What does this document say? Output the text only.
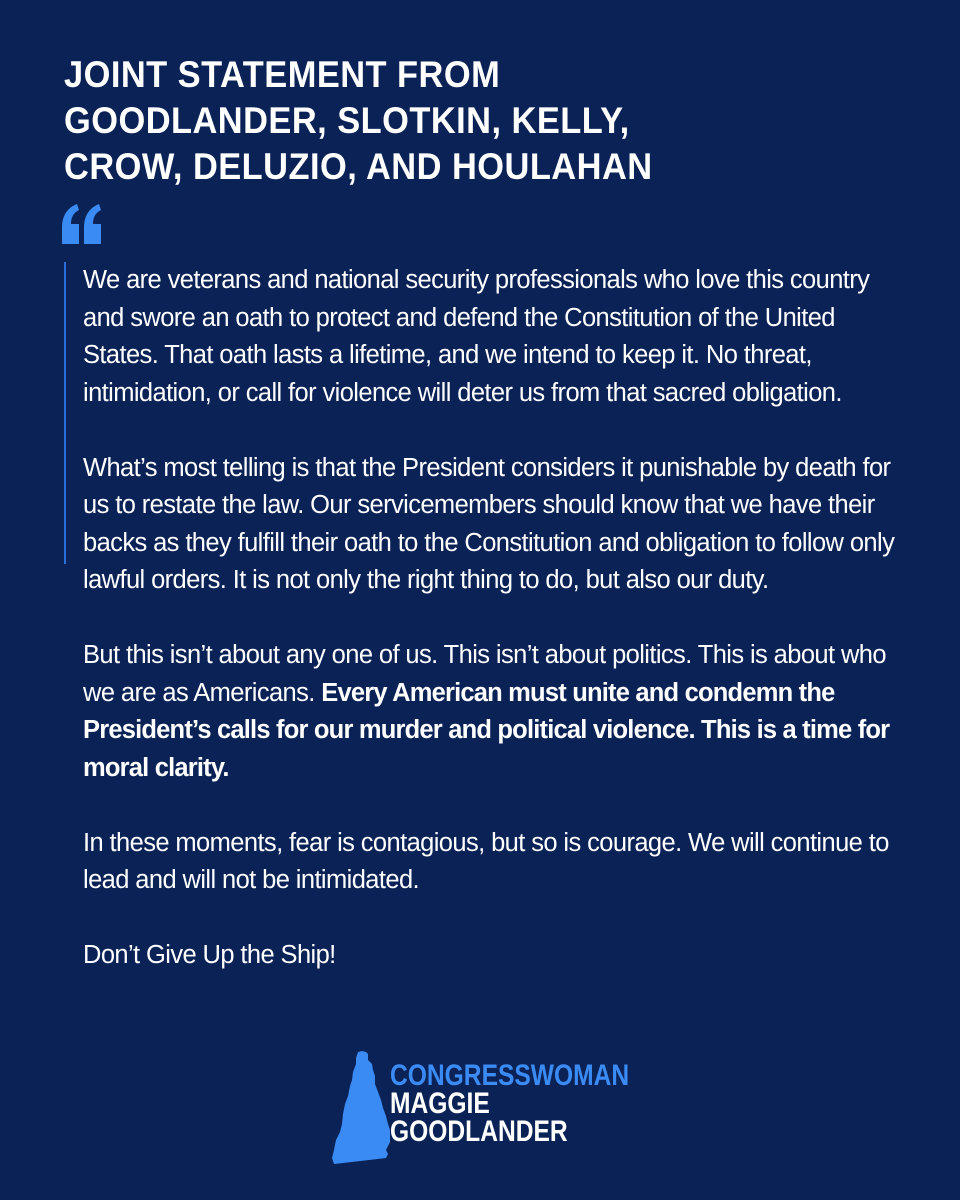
JOINT STATEMENT FROM
GOODLANDER, SLOTKIN, KELLY,
CROW, DELUZIO, AND HOULAHAN

We are veterans and national security professionals who love this country and swore an oath to protect and defend the Constitution of the United States. That oath lasts a lifetime, and we intend to keep it. No threat, intimidation, or call for violence will deter us from that sacred obligation.

What’s most telling is that the President considers it punishable by death for us to restate the law. Our servicemembers should know that we have their backs as they fulfill their oath to the Constitution and obligation to follow only lawful orders. It is not only the right thing to do, but also our duty.

But this isn’t about any one of us. This isn’t about politics. This is about who we are as Americans. Every American must unite and condemn the President’s calls for our murder and political violence. This is a time for moral clarity.

In these moments, fear is contagious, but so is courage. We will continue to lead and will not be intimidated.

Don’t Give Up the Ship!

CONGRESSWOMAN
MAGGIE
GOODLANDER
